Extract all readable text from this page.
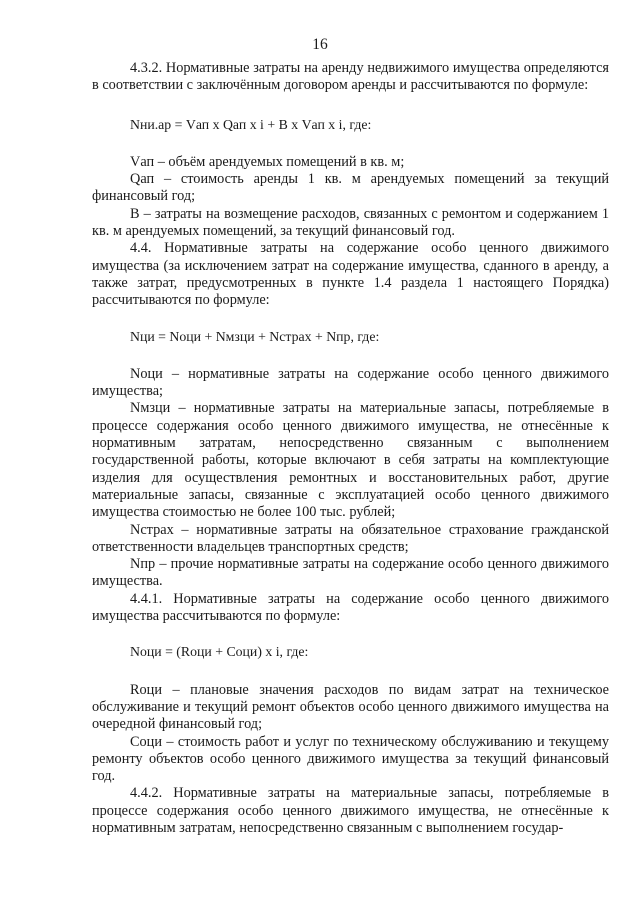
16

4.3.2. Нормативные затраты на аренду недвижимого имущества определяются в соответствии с заключённым договором аренды и рассчитываются по формуле:

Nни.ар = Vап х Qап х i + В х Vап х i, где:

Vап – объём арендуемых помещений в кв. м;

Qап – стоимость аренды 1 кв. м арендуемых помещений за текущий финансовый год;

В – затраты на возмещение расходов, связанных с ремонтом и содержанием 1 кв. м арендуемых помещений, за текущий финансовый год.

4.4. Нормативные затраты на содержание особо ценного движимого имущества (за исключением затрат на содержание имущества, сданного в аренду, а также затрат, предусмотренных в пункте 1.4 раздела 1 настоящего Порядка) рассчитываются по формуле:

Nци = Nоци + Nмзци + Nстрах + Nпр, где:

Nоци – нормативные затраты на содержание особо ценного движимого имущества;

Nмзци – нормативные затраты на материальные запасы, потребляемые в процессе содержания особо ценного движимого имущества, не отнесённые к нормативным затратам, непосредственно связанным с выполнением государственной работы, которые включают в себя затраты на комплектующие изделия для осуществления ремонтных и восстановительных работ, другие материальные запасы, связанные с эксплуатацией особо ценного движимого имущества стоимостью не более 100 тыс. рублей;

Nстрах – нормативные затраты на обязательное страхование гражданской ответственности владельцев транспортных средств;

Nпр – прочие нормативные затраты на содержание особо ценного движимого имущества.

4.4.1. Нормативные затраты на содержание особо ценного движимого имущества рассчитываются по формуле:

Nоци = (Rоци + Соци) х i, где:

Rоци – плановые значения расходов по видам затрат на техническое обслуживание и текущий ремонт объектов особо ценного движимого имущества на очередной финансовый год;

Соци – стоимость работ и услуг по техническому обслуживанию и текущему ремонту объектов особо ценного движимого имущества за текущий финансовый год.

4.4.2. Нормативные затраты на материальные запасы, потребляемые в процессе содержания особо ценного движимого имущества, не отнесённые к нормативным затратам, непосредственно связанным с выполнением государ-
